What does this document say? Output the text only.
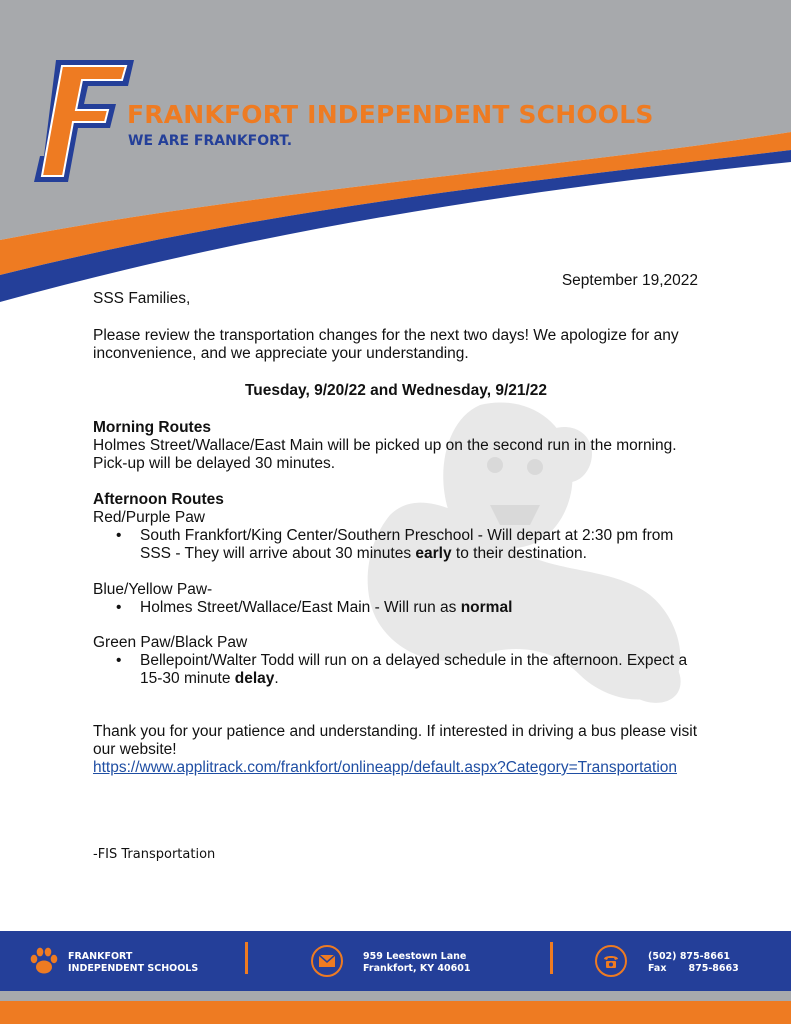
FRANKFORT INDEPENDENT SCHOOLS
WE ARE FRANKFORT.
September 19,2022
SSS Families,
Please review the transportation changes for the next two days! We apologize for any
inconvenience, and we appreciate your understanding.
Tuesday, 9/20/22 and Wednesday, 9/21/22
Morning Routes
Holmes Street/Wallace/East Main will be picked up on the second run in the morning.
Pick-up will be delayed 30 minutes.
Afternoon Routes
Red/Purple Paw
• South Frankfort/King Center/Southern Preschool - Will depart at 2:30 pm from
SSS - They will arrive about 30 minutes early to their destination.
Blue/Yellow Paw-
• Holmes Street/Wallace/East Main - Will run as normal
Green Paw/Black Paw
• Bellepoint/Walter Todd will run on a delayed schedule in the afternoon. Expect a
15-30 minute delay.
Thank you for your patience and understanding. If interested in driving a bus please visit
our website!
https://www.applitrack.com/frankfort/onlineapp/default.aspx?Category=Transportation
-FIS Transportation
FRANKFORT
INDEPENDENT SCHOOLS
959 Leestown Lane
Frankfort, KY 40601
(502) 875-8661
Fax 875-8663
